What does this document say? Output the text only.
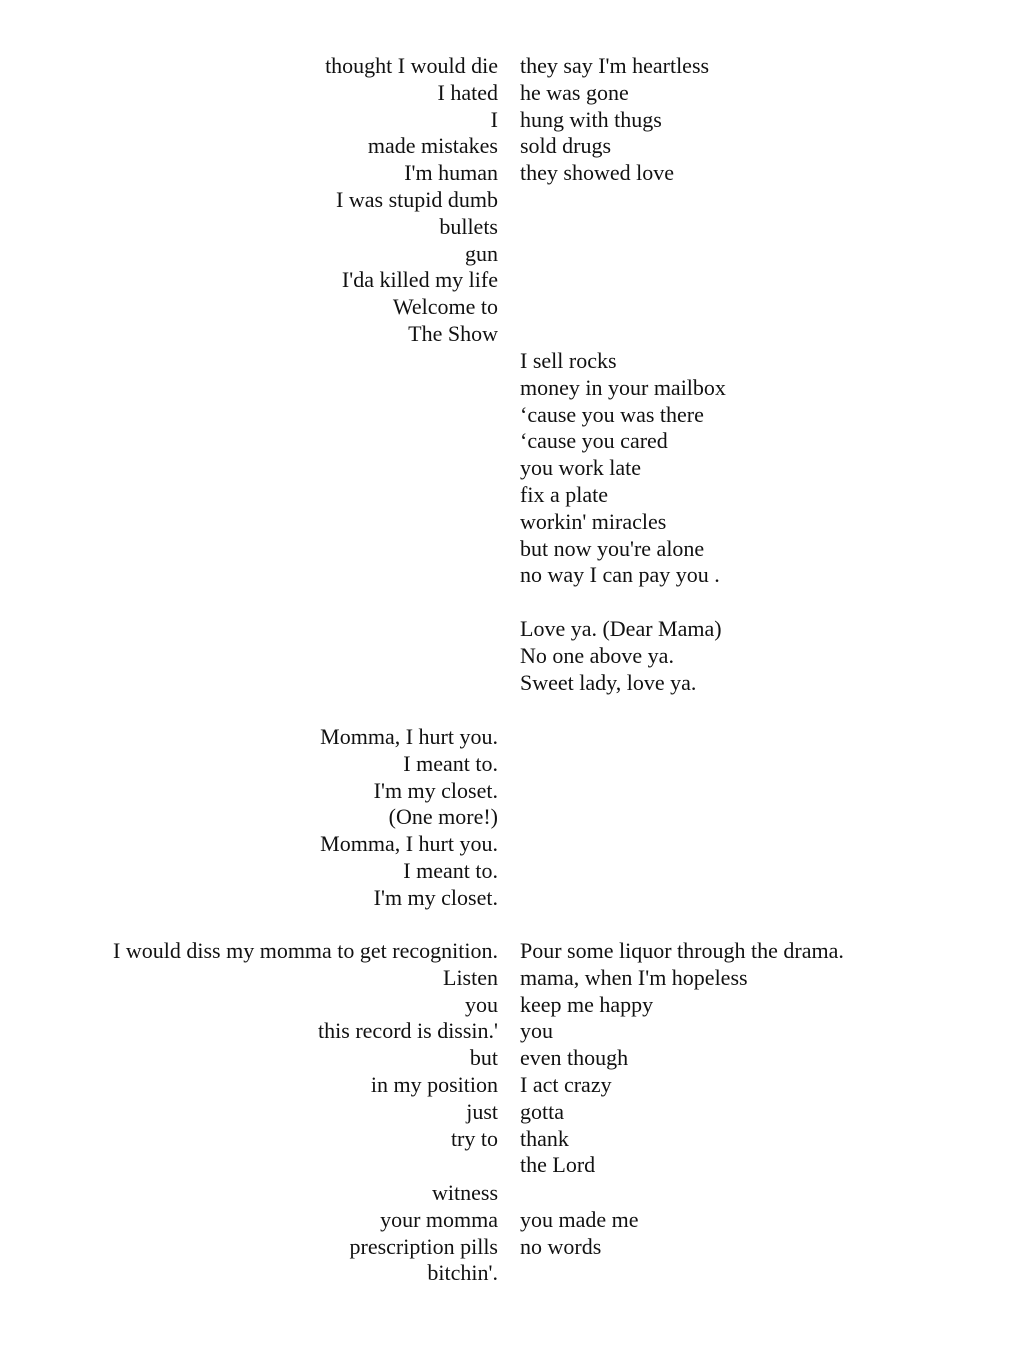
thought I would die
I hated
I
made mistakes
I'm human
I was stupid dumb
bullets
gun
I'da killed my life
Welcome to
The Show
they say I'm heartless
he was gone
hung with thugs
sold drugs
they showed love
I sell rocks
money in your mailbox
‘cause you was there
‘cause you cared
you work late
fix a plate
workin' miracles
but now you're alone
no way I can pay you .
Love ya. (Dear Mama)
No one above ya.
Sweet lady, love ya.
Momma, I hurt you.
I meant to.
I'm my closet.
(One more!)
Momma, I hurt you.
I meant to.
I'm my closet.
I would diss my momma to get recognition.
Listen
you
this record is dissin.'
but
in my position
just
try to
Pour some liquor through the drama.
mama, when I'm hopeless
keep me happy
you
even though
I act crazy
gotta
thank
the Lord
witness
your momma
prescription pills
bitchin'.
you made me
no words
